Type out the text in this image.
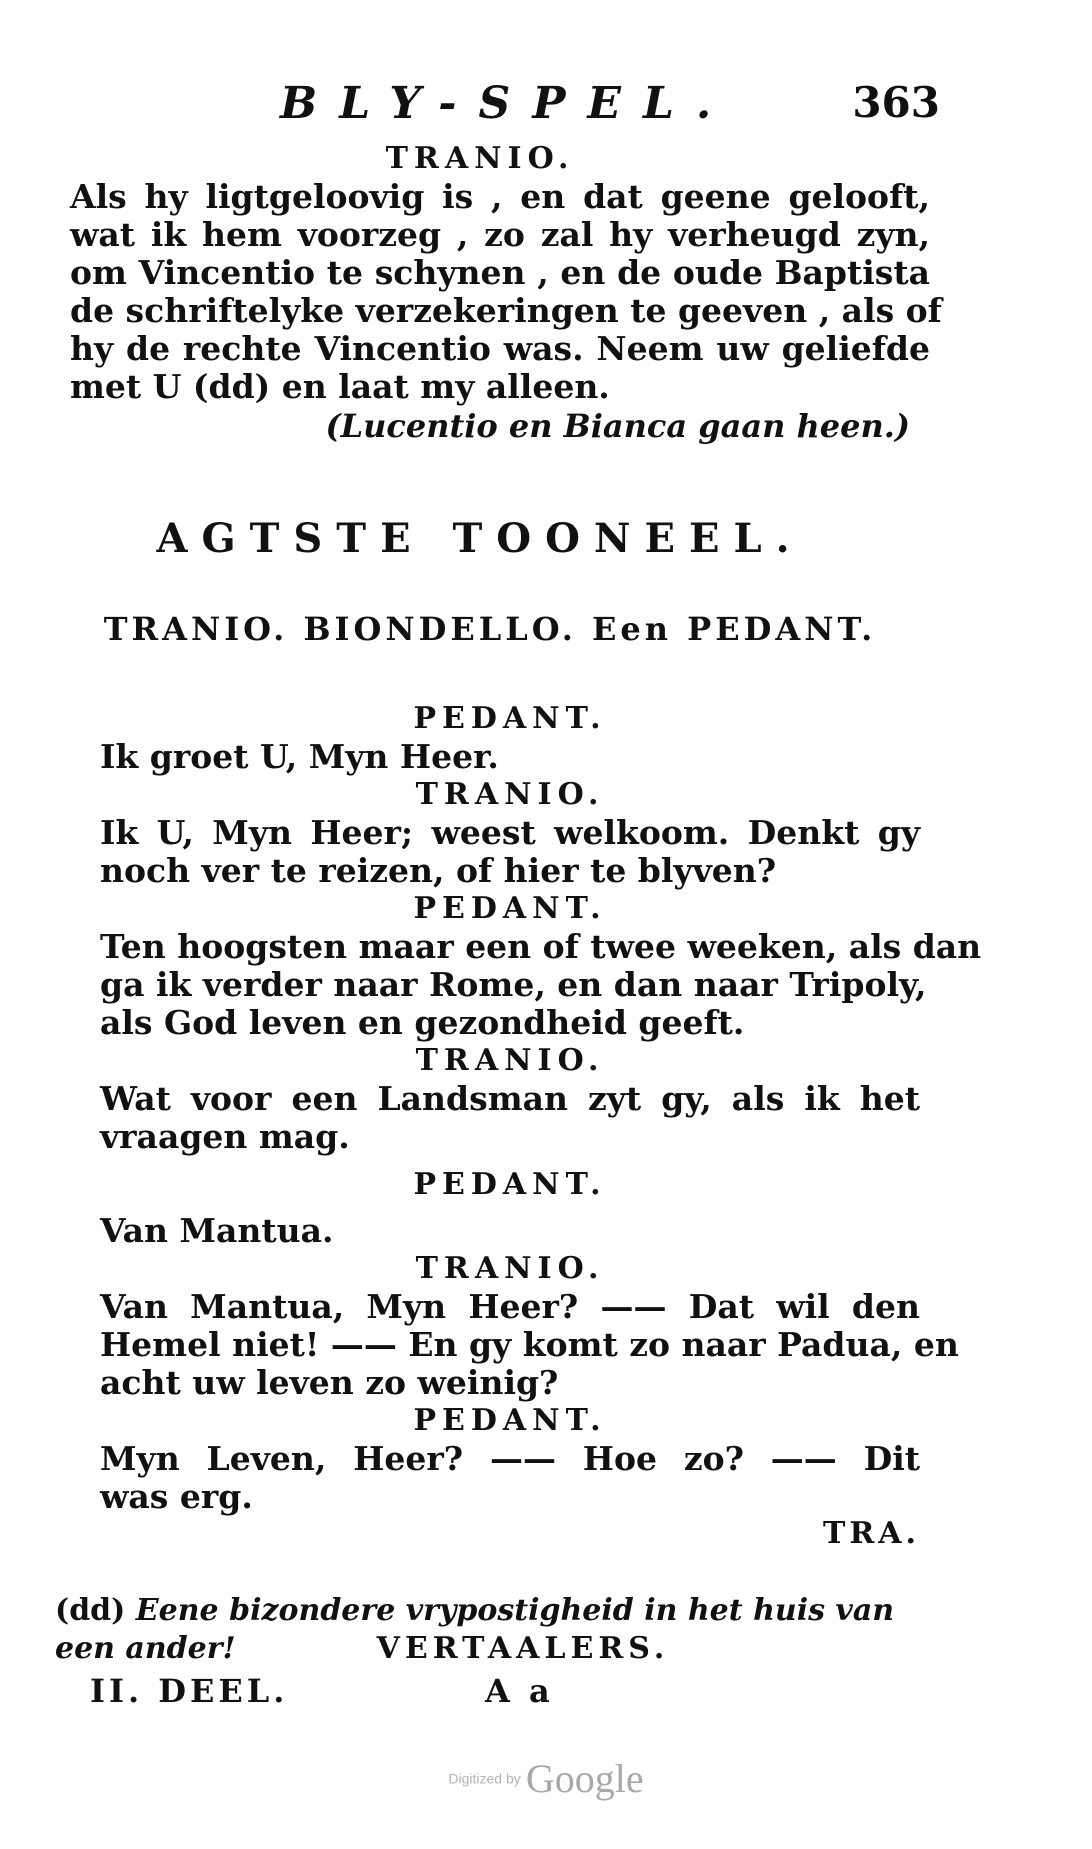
BLY-SPEL.	363
TRANIO.
Als hy ligtgeloovig is , en dat geene gelooft,
wat ik hem voorzeg , zo zal hy verheugd zyn,
om Vincentio te schynen , en de oude Baptista
de schriftelyke verzekeringen te geeven , als of
hy de rechte Vincentio was. Neem uw geliefde
met U (dd) en laat my alleen.
(Lucentio en Bianca gaan heen.)
AGTSTE TOONEEL.
TRANIO. BIONDELLO. Een PEDANT.
PEDANT.
Ik groet U, Myn Heer.
TRANIO.
Ik U, Myn Heer; weest welkoom. Denkt gy
noch ver te reizen, of hier te blyven?
PEDANT.
Ten hoogsten maar een of twee weeken, als dan
ga ik verder naar Rome, en dan naar Tripoly,
als God leven en gezondheid geeft.
TRANIO.
Wat voor een Landsman zyt gy, als ik het
vraagen mag.
PEDANT.
Van Mantua.
TRANIO.
Van Mantua, Myn Heer? —— Dat wil den
Hemel niet! —— En gy komt zo naar Padua, en
acht uw leven zo weinig?
PEDANT.
Myn Leven, Heer? —— Hoe zo? —— Dit
was erg.
TRA.
(dd) Eene bizondere vrypostigheid in het huis van een ander!	VERTAALERS.
II. DEEL.	A a
Digitized by Google
